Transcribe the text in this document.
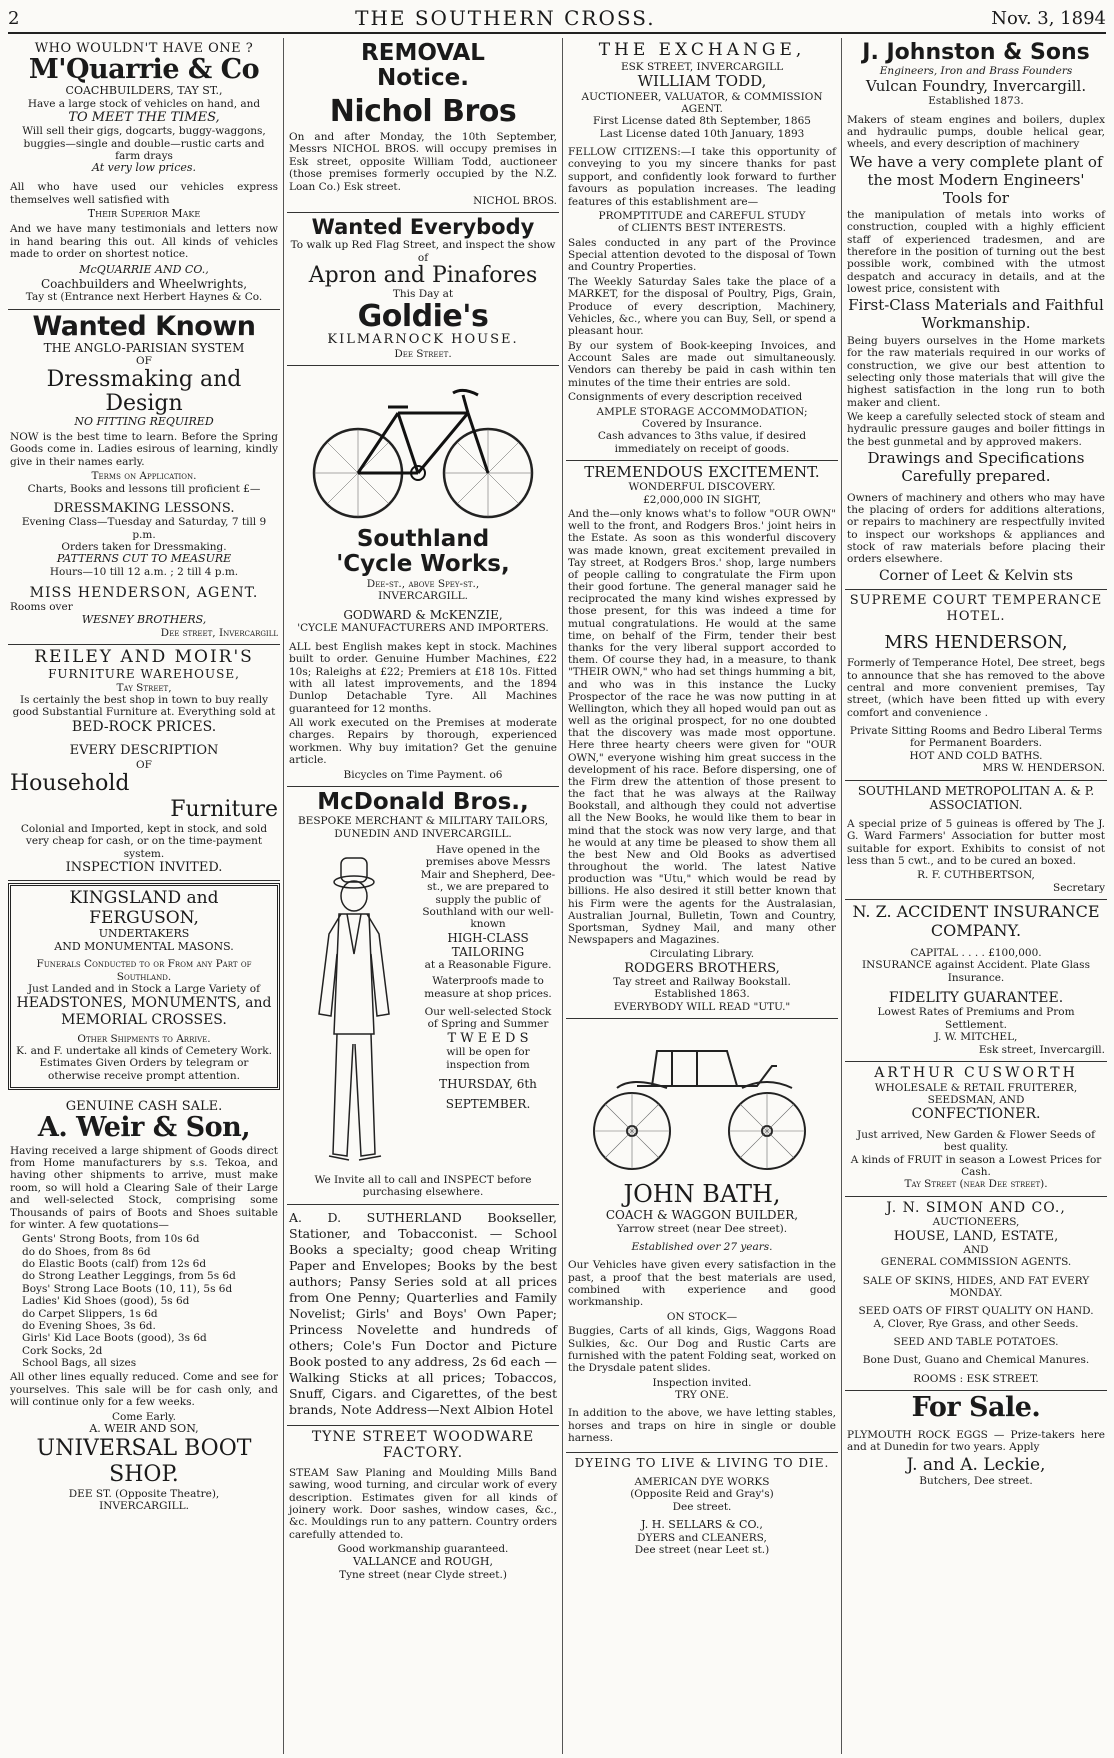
2	THE SOUTHERN CROSS.	Nov. 3, 1894
WHO WOULDN'T HAVE ONE ?
M'Quarrie & Co
COACHBUILDERS, TAY ST.,
Have a large stock of vehicles on hand, and
TO MEET THE TIMES,
Will sell their gigs, dogcarts, buggy-waggons, buggies—single and double—rustic carts and farm drays
At very low prices.

All who have used our vehicles express themselves well satisfied with

Their Superior Make

And we have many testimonials and letters now in hand bearing this out. All kinds of vehicles made to order on shortest notice.

McQUARRIE AND CO.,
Coachbuilders and Wheelwrights,
Tay st (Entrance next Herbert Haynes & Co.
Wanted Known
THE ANGLO-PARISIAN SYSTEM
OF
Dressmaking and Design
NO FITTING REQUIRED

NOW is the best time to learn. Before the Spring Goods come in. Ladies esirous of learning, kindly give in their names early.

Terms on Application.
Charts, Books and lessons till proficient £—
DRESSMAKING LESSONS.
Evening Class—Tuesday and Saturday, 7 till 9 p.m.
Orders taken for Dressmaking.
PATTERNS CUT TO MEASURE
Hours—10 till 12 a.m. ; 2 till 4 p.m.
MISS HENDERSON, AGENT.
Rooms over
WESNEY BROTHERS,
Dee street, Invercargill
REILEY AND MOIR'S
FURNITURE WAREHOUSE,
Tay Street,
Is certainly the best shop in town to buy really good Substantial Furniture at. Everything sold at
BED-ROCK PRICES.
EVERY DESCRIPTION
OF
Household
Furniture
Colonial and Imported, kept in stock, and sold very cheap for cash, or on the time-payment system.
INSPECTION INVITED.
KINGSLAND and FERGUSON,
UNDERTAKERS
AND MONUMENTAL MASONS.
Funerals Conducted to or From any Part of Southland.
Just Landed and in Stock a Large Variety of
HEADSTONES, MONUMENTS, and MEMORIAL CROSSES.
Other Shipments to Arrive.
K. and F. undertake all kinds of Cemetery Work. Estimates Given Orders by telegram or otherwise receive prompt attention.
GENUINE CASH SALE.
A. Weir & Son,

Having received a large shipment of Goods direct from Home manufacturers by s.s. Tekoa, and having other shipments to arrive, must make room, so will hold a Clearing Sale of their Large and well-selected Stock, comprising some Thousands of pairs of Boots and Shoes suitable for winter. A few quotations—

Gents' Strong Boots, from 10s 6d
do do Shoes, from 8s 6d
do Elastic Boots (calf) from 12s 6d
do Strong Leather Leggings, from 5s 6d
Boys' Strong Lace Boots (10, 11), 5s 6d
Ladies' Kid Shoes (good), 5s 6d
do Carpet Slippers, 1s 6d
do Evening Shoes, 3s 6d.
Girls' Kid Lace Boots (good), 3s 6d
Cork Socks, 2d
School Bags, all sizes

All other lines equally reduced. Come and see for yourselves. This sale will be for cash only, and will continue only for a few weeks.

Come Early.
A. WEIR AND SON,
UNIVERSAL BOOT SHOP.
DEE ST. (Opposite Theatre),
INVERCARGILL.
REMOVAL
Notice.
Nichol Bros

On and after Monday, the 10th September, Messrs NICHOL BROS. will occupy premises in Esk street, opposite William Todd, auctioneer (those premises formerly occupied by the N.Z. Loan Co.) Esk street.

NICHOL BROS.
Wanted Everybody
To walk up Red Flag Street, and inspect the show of
Apron and Pinafores
This Day at
Goldie's
KILMARNOCK HOUSE.
Dee Street.
Southland
'Cycle Works,
Dee-st., above Spey-st.,
INVERCARGILL.
GODWARD & McKENZIE,
'CYCLE MANUFACTURERS AND IMPORTERS.

ALL best English makes kept in stock. Machines built to order. Genuine Humber Machines, £22 10s; Raleighs at £22; Premiers at £18 10s. Fitted with all latest improvements, and the 1894 Dunlop Detachable Tyre. All Machines guaranteed for 12 months.

All work executed on the Premises at moderate charges. Repairs by thorough, experienced workmen. Why buy imitation? Get the genuine article.

Bicycles on Time Payment. o6
McDonald Bros.,
BESPOKE MERCHANT & MILITARY TAILORS,
DUNEDIN AND INVERCARGILL.
Have opened in the premises above Messrs Mair and Shepherd, Dee-st., we are prepared to supply the public of Southland with our well-known
HIGH-CLASS TAILORING
at a Reasonable Figure.
Waterproofs made to measure at shop prices.
Our well-selected Stock of Spring and Summer
T W E E D S
will be open for inspection from
THURSDAY, 6th
SEPTEMBER.
We Invite all to call and INSPECT before purchasing elsewhere.

A. D. SUTHERLAND Bookseller, Stationer, and Tobacconist. — School Books a specialty; good cheap Writing Paper and Envelopes; Books by the best authors; Pansy Series sold at all prices from One Penny; Quarterlies and Family Novelist; Girls' and Boys' Own Paper; Princess Novelette and hundreds of others; Cole's Fun Doctor and Picture Book posted to any address, 2s 6d each —Walking Sticks at all prices; Tobaccos, Snuff, Cigars. and Cigarettes, of the best brands, Note Address—Next Albion Hotel

TYNE STREET WOODWARE FACTORY.

STEAM Saw Planing and Moulding Mills Band sawing, wood turning, and circular work of every description. Estimates given for all kinds of joinery work. Door sashes, window cases, &c., &c. Mouldings run to any pattern. Country orders carefully attended to.

Good workmanship guaranteed.
VALLANCE and ROUGH,
Tyne street (near Clyde street.)
THE EXCHANGE,
ESK STREET, INVERCARGILL
WILLIAM TODD,
AUCTIONEER, VALUATOR, & COMMISSION AGENT.
First License dated 8th September, 1865
Last License dated 10th January, 1893

FELLOW CITIZENS:—I take this opportunity of conveying to you my sincere thanks for past support, and confidently look forward to further favours as population increases. The leading features of this establishment are—

PROMPTITUDE and CAREFUL STUDY
of CLIENTS BEST INTERESTS.

Sales conducted in any part of the Province Special attention devoted to the disposal of Town and Country Properties.

The Weekly Saturday Sales take the place of a MARKET, for the disposal of Poultry, Pigs, Grain, Produce of every description, Machinery, Vehicles, &c., where you can Buy, Sell, or spend a pleasant hour.

By our system of Book-keeping Invoices, and Account Sales are made out simultaneously. Vendors can thereby be paid in cash within ten minutes of the time their entries are sold.

Consignments of every description received

AMPLE STORAGE ACCOMMODATION;
Covered by Insurance.
Cash advances to 3ths value, if desired immediately on receipt of goods.
TREMENDOUS EXCITEMENT.
WONDERFUL DISCOVERY.
£2,000,000 IN SIGHT,

And the—only knows what's to follow "OUR OWN" well to the front, and Rodgers Bros.' joint heirs in the Estate. As soon as this wonderful discovery was made known, great excitement prevailed in Tay street, at Rodgers Bros.' shop, large numbers of people calling to congratulate the Firm upon their good fortune. The general manager said he reciprocated the many kind wishes expressed by those present, for this was indeed a time for mutual congratulations. He would at the same time, on behalf of the Firm, tender their best thanks for the very liberal support accorded to them. Of course they had, in a measure, to thank "THEIR OWN," who had set things humming a bit, and who was in this instance the Lucky Prospector of the race he was now putting in at Wellington, which they all hoped would pan out as well as the original prospect, for no one doubted that the discovery was made most opportune. Here three hearty cheers were given for "OUR OWN," everyone wishing him great success in the development of his race. Before dispersing, one of the Firm drew the attention of those present to the fact that he was always at the Railway Bookstall, and although they could not advertise all the New Books, he would like them to bear in mind that the stock was now very large, and that he would at any time be pleased to show them all the best New and Old Books as advertised throughout the world. The latest Native production was "Utu," which would be read by billions. He also desired it still better known that his Firm were the agents for the Australasian, Australian Journal, Bulletin, Town and Country, Sportsman, Sydney Mail, and many other Newspapers and Magazines.

Circulating Library.
RODGERS BROTHERS,
Tay street and Railway Bookstall.
Established 1863.
EVERYBODY WILL READ "UTU."
JOHN BATH,
COACH & WAGGON BUILDER,
Yarrow street (near Dee street).
Established over 27 years.

Our Vehicles have given every satisfaction in the past, a proof that the best materials are used, combined with experience and good workmanship.

ON STOCK—

Buggies, Carts of all kinds, Gigs, Waggons Road Sulkies, &c. Our Dog and Rustic Carts are furnished with the patent Folding seat, worked on the Drysdale patent slides.

Inspection invited.
TRY ONE.

In addition to the above, we have letting stables, horses and traps on hire in single or double harness.

DYEING TO LIVE & LIVING TO DIE.
AMERICAN DYE WORKS
(Opposite Reid and Gray's)
Dee street.
J. H. SELLARS & CO.,
DYERS and CLEANERS,
Dee street (near Leet st.)
J. Johnston & Sons
Engineers, Iron and Brass Founders
Vulcan Foundry, Invercargill.
Established 1873.

Makers of steam engines and boilers, duplex and hydraulic pumps, double helical gear, wheels, and every description of machinery

We have a very complete plant of the most Modern Engineers' Tools for

the manipulation of metals into works of construction, coupled with a highly efficient staff of experienced tradesmen, and are therefore in the position of turning out the best possible work, combined with the utmost despatch and accuracy in details, and at the lowest price, consistent with

First-Class Materials and Faithful Workmanship.

Being buyers ourselves in the Home markets for the raw materials required in our works of construction, we give our best attention to selecting only those materials that will give the highest satisfaction in the long run to both maker and client.

We keep a carefully selected stock of steam and hydraulic pressure gauges and boiler fittings in the best gunmetal and by approved makers.

Drawings and Specifications Carefully prepared.

Owners of machinery and others who may have the placing of orders for additions alterations, or repairs to machinery are respectfully invited to inspect our workshops & appliances and stock of raw materials before placing their orders elsewhere.

Corner of Leet & Kelvin sts
SUPREME COURT TEMPERANCE HOTEL.
MRS HENDERSON,

Formerly of Temperance Hotel, Dee street, begs to announce that she has removed to the above central and more convenient premises, Tay street, (which have been fitted up with every comfort and convenience .

Private Sitting Rooms and Bedro Liberal Terms for Permanent Boarders.
HOT AND COLD BATHS.
MRS W. HENDERSON.
SOUTHLAND METROPOLITAN A. & P. ASSOCIATION.

A special prize of 5 guineas is offered by The J. G. Ward Farmers' Association for butter most suitable for export. Exhibits to consist of not less than 5 cwt., and to be cured an boxed.

R. F. CUTHBERTSON,
Secretary
N. Z. ACCIDENT INSURANCE COMPANY.
CAPITAL . . . . £100,000.
INSURANCE against Accident. Plate Glass Insurance.
FIDELITY GUARANTEE.
Lowest Rates of Premiums and Prom Settlement.
J. W. MITCHEL,
Esk street, Invercargill.
ARTHUR CUSWORTH
WHOLESALE & RETAIL FRUITERER,
SEEDSMAN, AND
CONFECTIONER.
Just arrived, New Garden & Flower Seeds of best quality.
A kinds of FRUIT in season a Lowest Prices for Cash.
Tay Street (near Dee street).
J. N. SIMON AND CO.,
AUCTIONEERS,
HOUSE, LAND, ESTATE,
AND
GENERAL COMMISSION AGENTS.
SALE OF SKINS, HIDES, AND FAT EVERY MONDAY.
SEED OATS OF FIRST QUALITY ON HAND.
A, Clover, Rye Grass, and other Seeds.
SEED AND TABLE POTATOES.
Bone Dust, Guano and Chemical Manures.
ROOMS : ESK STREET.
For Sale.

PLYMOUTH ROCK EGGS — Prize-takers here and at Dunedin for two years. Apply

J. and A. Leckie,
Butchers, Dee street.
